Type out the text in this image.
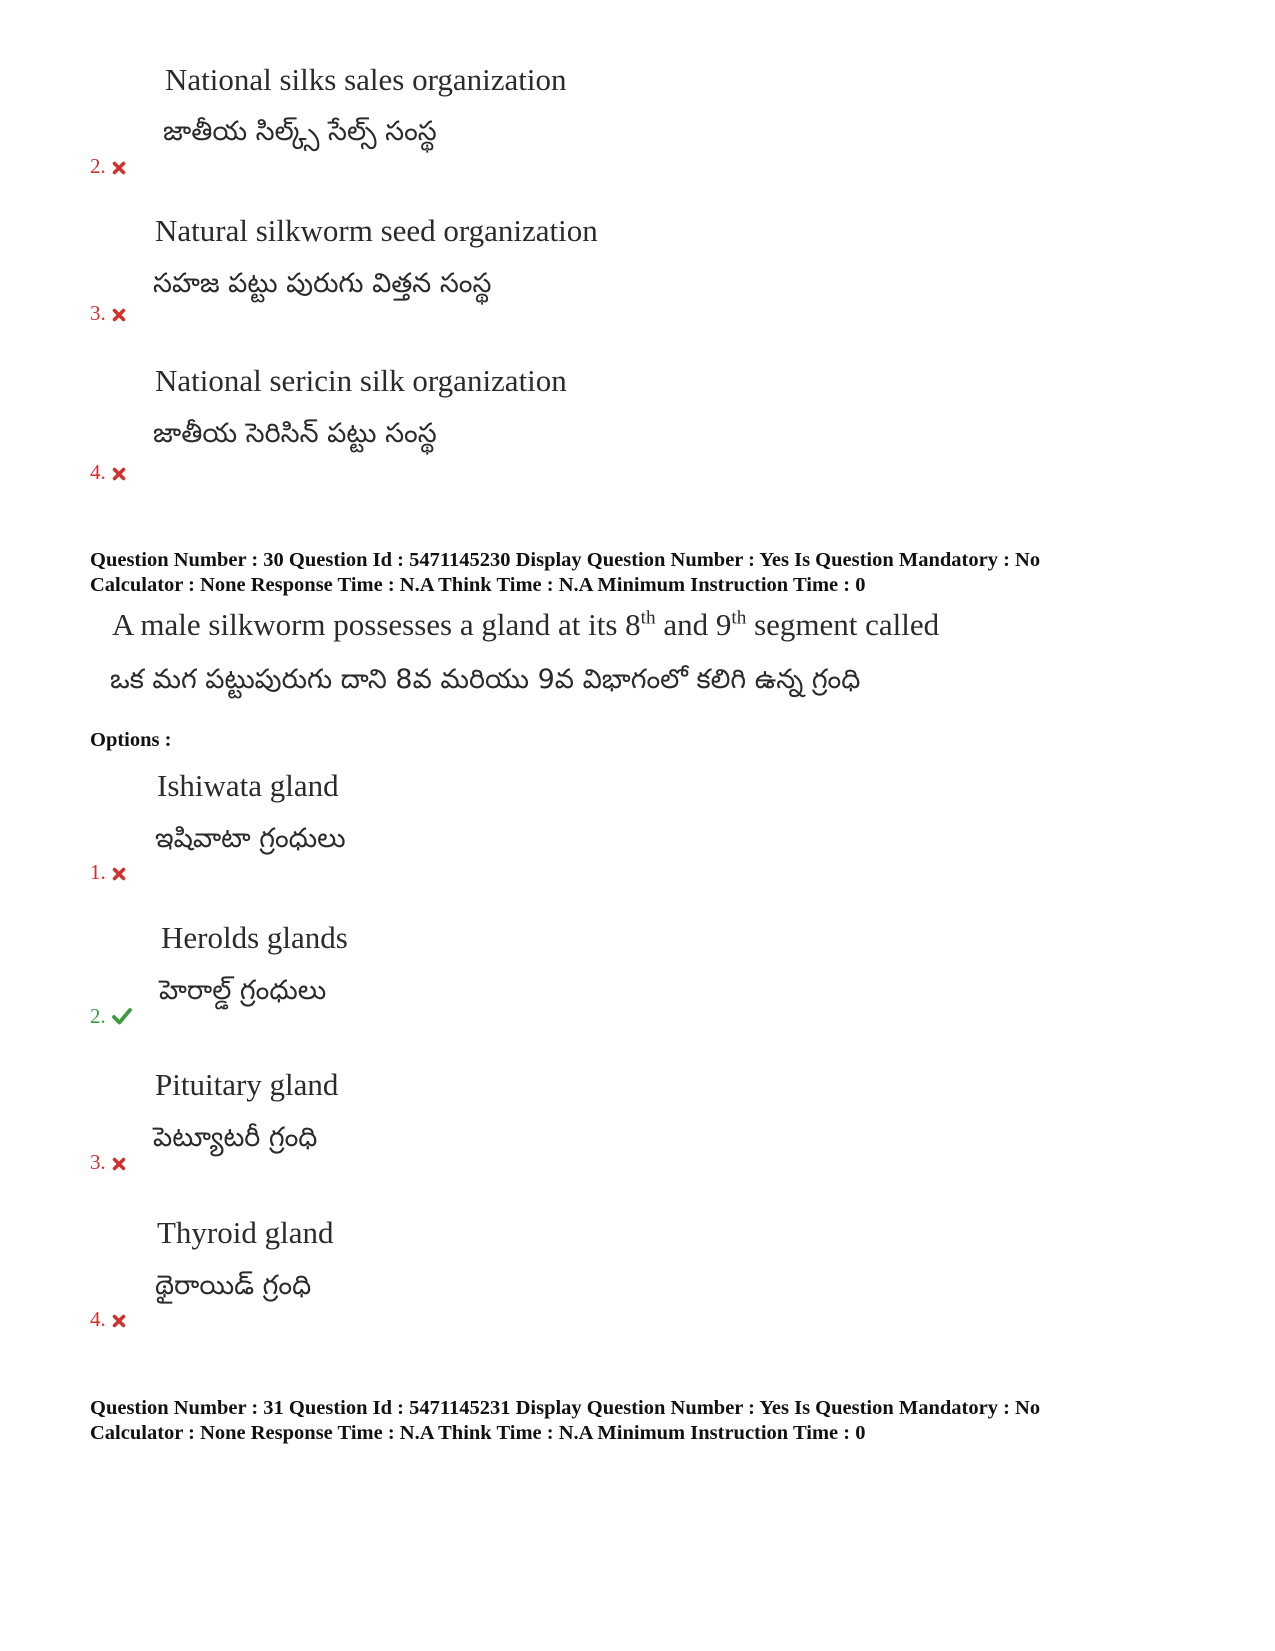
National silks sales organization
జాతీయ సిల్క్స్ సేల్స్ సంస్థ
2.
Natural silkworm seed organization
సహజ పట్టు పురుగు విత్తన సంస్థ
3.
National sericin silk organization
జాతీయ సెరిసిన్ పట్టు సంస్థ
4.
Question Number : 30 Question Id : 5471145230 Display Question Number : Yes Is Question Mandatory : No
Calculator : None Response Time : N.A Think Time : N.A Minimum Instruction Time : 0
A male silkworm possesses a gland at its 8th and 9th segment called
ఒక మగ పట్టుపురుగు దాని 8వ మరియు 9వ విభాగంలో కలిగి ఉన్న గ్రంధి
Options :
Ishiwata gland
ఇషివాటా గ్రంధులు
1.
Herolds glands
హెరాల్డ్ గ్రంధులు
2.
Pituitary gland
పెట్యూటరీ గ్రంధి
3.
Thyroid gland
థైరాయిడ్ గ్రంధి
4.
Question Number : 31 Question Id : 5471145231 Display Question Number : Yes Is Question Mandatory : No
Calculator : None Response Time : N.A Think Time : N.A Minimum Instruction Time : 0
